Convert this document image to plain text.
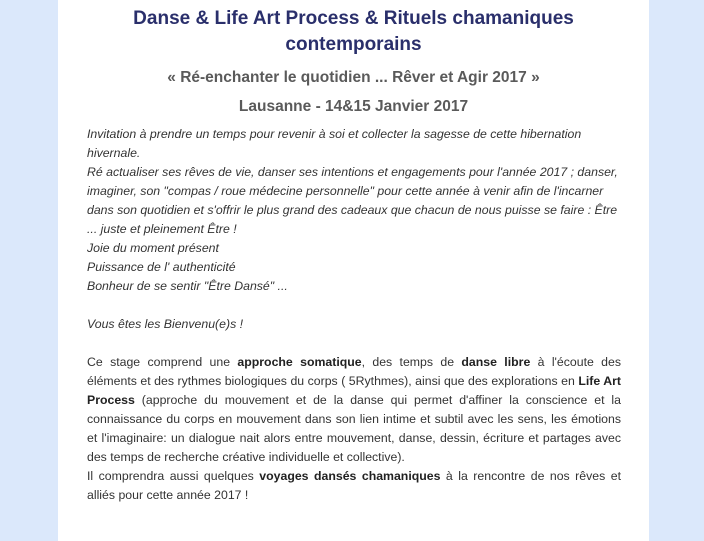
Danse & Life Art Process & Rituels chamaniques
contemporains
« Ré-enchanter le quotidien ... Rêver et Agir 2017 »
Lausanne - 14&15 Janvier 2017

Invitation à prendre un temps pour revenir à soi et collecter la sagesse de cette hibernation hivernale.

Ré actualiser ses rêves de vie, danser ses intentions et engagements pour l'année 2017 ; danser, imaginer, son "compas / roue médecine personnelle" pour cette année à venir afin de l'incarner dans son quotidien et s'offrir le plus grand des cadeaux que chacun de nous puisse se faire : Être ... juste et pleinement Être !

Joie du moment présent

Puissance de l' authenticité

Bonheur de se sentir "Être Dansé" ...

Vous êtes les Bienvenu(e)s !

Ce stage comprend une approche somatique, des temps de danse libre à l'écoute des éléments et des rythmes biologiques du corps ( 5Rythmes), ainsi que des explorations en Life Art Process (approche du mouvement et de la danse qui permet d'affiner la conscience et la connaissance du corps en mouvement dans son lien intime et subtil avec les sens, les émotions et l'imaginaire: un dialogue nait alors entre mouvement, danse, dessin, écriture et partages avec des temps de recherche créative individuelle et collective).

Il comprendra aussi quelques voyages dansés chamaniques à la rencontre de nos rêves et alliés pour cette année 2017 !
